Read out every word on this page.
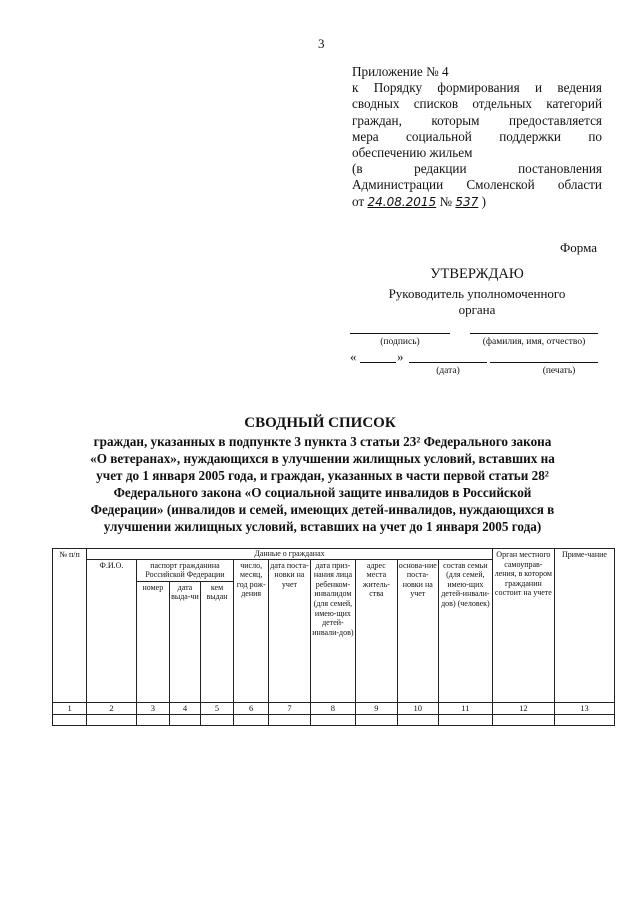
3
Приложение № 4
к Порядку формирования и ведения
сводных списков отдельных категорий
граждан, которым предоставляется
мера социальной поддержки по
обеспечению жильем
(в редакции постановления
Администрации Смоленской области
от 24.08.2015 № 537 )
Форма
УТВЕРЖДАЮ
Руководитель уполномоченного
органа
(подпись)	(фамилия, имя, отчество)
«	»
(дата)	(печать)
СВОДНЫЙ СПИСОК
граждан, указанных в подпункте 3 пункта 3 статьи 23² Федерального закона
«О ветеранах», нуждающихся в улучшении жилищных условий, вставших на
учет до 1 января 2005 года, и граждан, указанных в части первой статьи 28²
Федерального закона «О социальной защите инвалидов в Российской
Федерации» (инвалидов и семей, имеющих детей-инвалидов, нуждающихся в
улучшении жилищных условий, вставших на учет до 1 января 2005 года)
№ п/п	Данные о гражданах										Орган местного самоуправ-ления, в котором гражданин состоит на учете	Приме-чание
	Ф.И.О.	паспорт гражданина Российской Федерации			число, месяц, год рож-дения	дата поста-новки на учет	дата приз-нания лица ребенком-инвалидом (для семей, имею-щих детей-инвали-дов)	адрес места житель-ства	основа-ние поста-новки на учет	состав семьи (для семей, имею-щих детей-инвали-дов) (человек)		
		номер	дата выда-чи	кем выдан								
1	2	3	4	5	6	7	8	9	10	11	12	13
